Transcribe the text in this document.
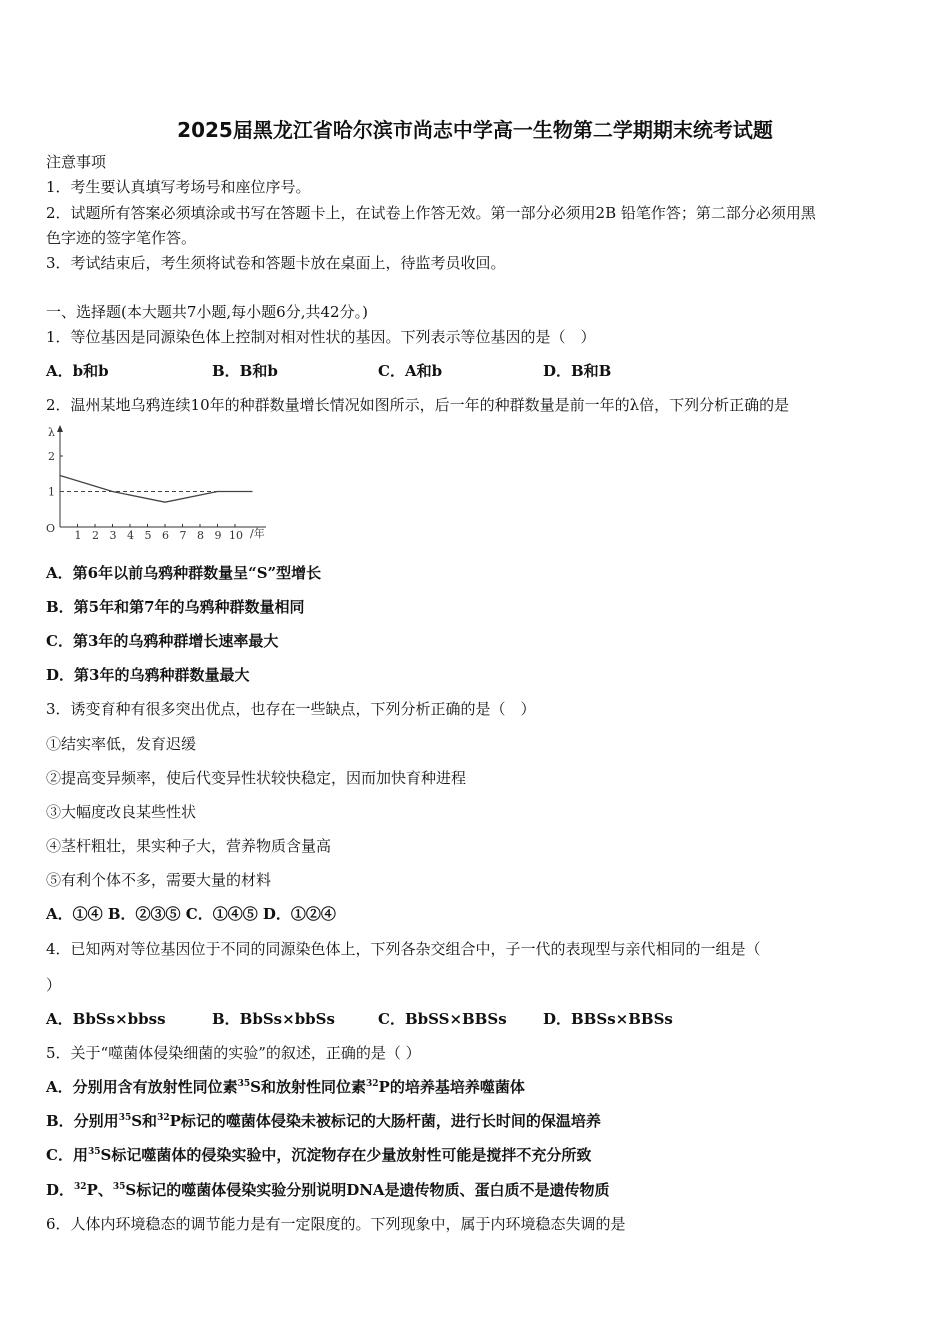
2025届黑龙江省哈尔滨市尚志中学高一生物第二学期期末统考试题
注意事项
1．考生要认真填写考场号和座位序号。
2．试题所有答案必须填涂或书写在答题卡上，在试卷上作答无效。第一部分必须用2B 铅笔作答；第二部分必须用黑
色字迹的签字笔作答。
3．考试结束后，考生须将试卷和答题卡放在桌面上，待监考员收回。
一、选择题(本大题共7小题,每小题6分,共42分。)
1．等位基因是同源染色体上控制对相对性状的基因。下列表示等位基因的是（　）
A．b和b	B．B和b	C．A和b	D．B和B
2．温州某地乌鸦连续10年的种群数量增长情况如图所示，后一年的种群数量是前一年的λ倍，下列分析正确的是
λ
O	/年
1
2
1 2 3 4 5 6 7 8 9 10
A．第6年以前乌鸦种群数量呈“S”型增长
B．第5年和第7年的乌鸦种群数量相同
C．第3年的乌鸦种群增长速率最大
D．第3年的乌鸦种群数量最大
3．诱变育种有很多突出优点，也存在一些缺点，下列分析正确的是（　）
①结实率低，发育迟缓
②提高变异频率，使后代变异性状较快稳定，因而加快育种进程
③大幅度改良某些性状
④茎杆粗壮，果实种子大，营养物质含量高
⑤有利个体不多，需要大量的材料
A．①④ B．②③⑤ C．①④⑤ D．①②④
4．已知两对等位基因位于不同的同源染色体上，下列各杂交组合中，子一代的表现型与亲代相同的一组是（
）
A．BbSs×bbss	B．BbSs×bbSs	C．BbSS×BBSs D．BBSs×BBSs
5．关于“噬菌体侵染细菌的实验”的叙述，正确的是（ ）
A．分别用含有放射性同位素$^{35}$S和放射性同位素$^{32}$P的培养基培养噬菌体
B．分别用$^{35}$S和$^{32}$P标记的噬菌体侵染未被标记的大肠杆菌，进行长时间的保温培养
C．用$^{35}$S标记噬菌体的侵染实验中，沉淀物存在少量放射性可能是搅拌不充分所致
D．$^{32}$P、$^{35}$S标记的噬菌体侵染实验分别说明DNA是遗传物质、蛋白质不是遗传物质
6．人体内环境稳态的调节能力是有一定限度的。下列现象中，属于内环境稳态失调的是
